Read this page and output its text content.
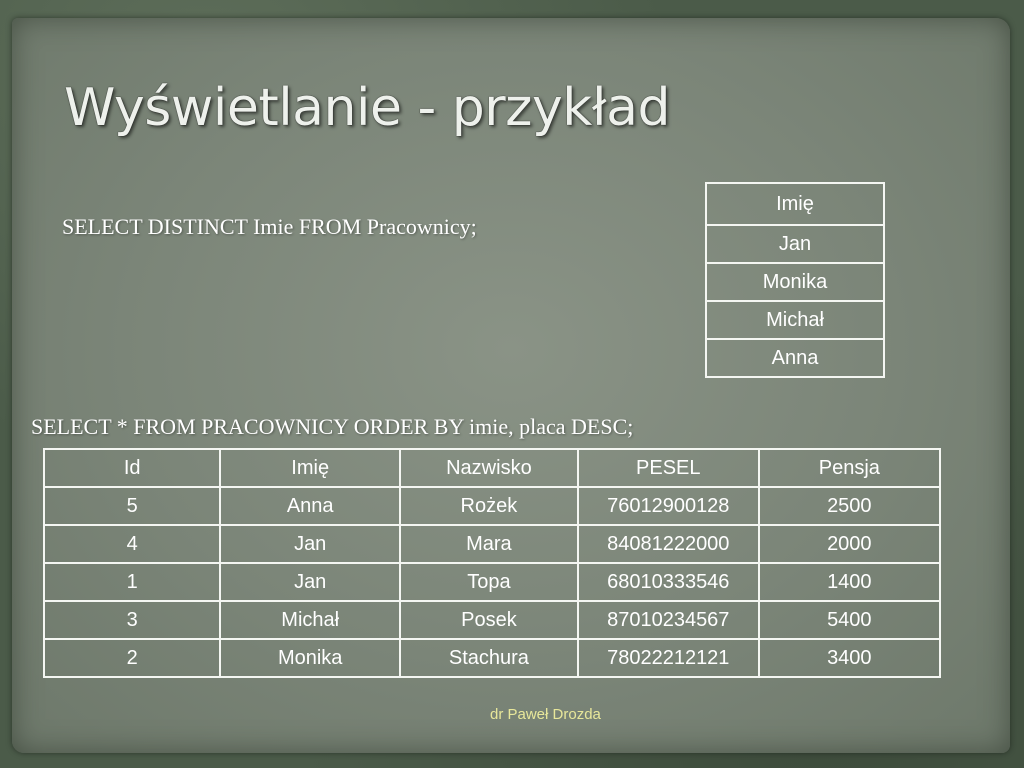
Wyświetlanie - przykład

SELECT DISTINCT Imie FROM Pracownicy;

Imię
Jan
Monika
Michał
Anna

SELECT * FROM PRACOWNICY ORDER BY imie, placa DESC;

Id	Imię	Nazwisko	PESEL	Pensja
5	Anna	Rożek	76012900128	2500
4	Jan	Mara	84081222000	2000
1	Jan	Topa	68010333546	1400
3	Michał	Posek	87010234567	5400
2	Monika	Stachura	78022212121	3400

dr Paweł Drozda
